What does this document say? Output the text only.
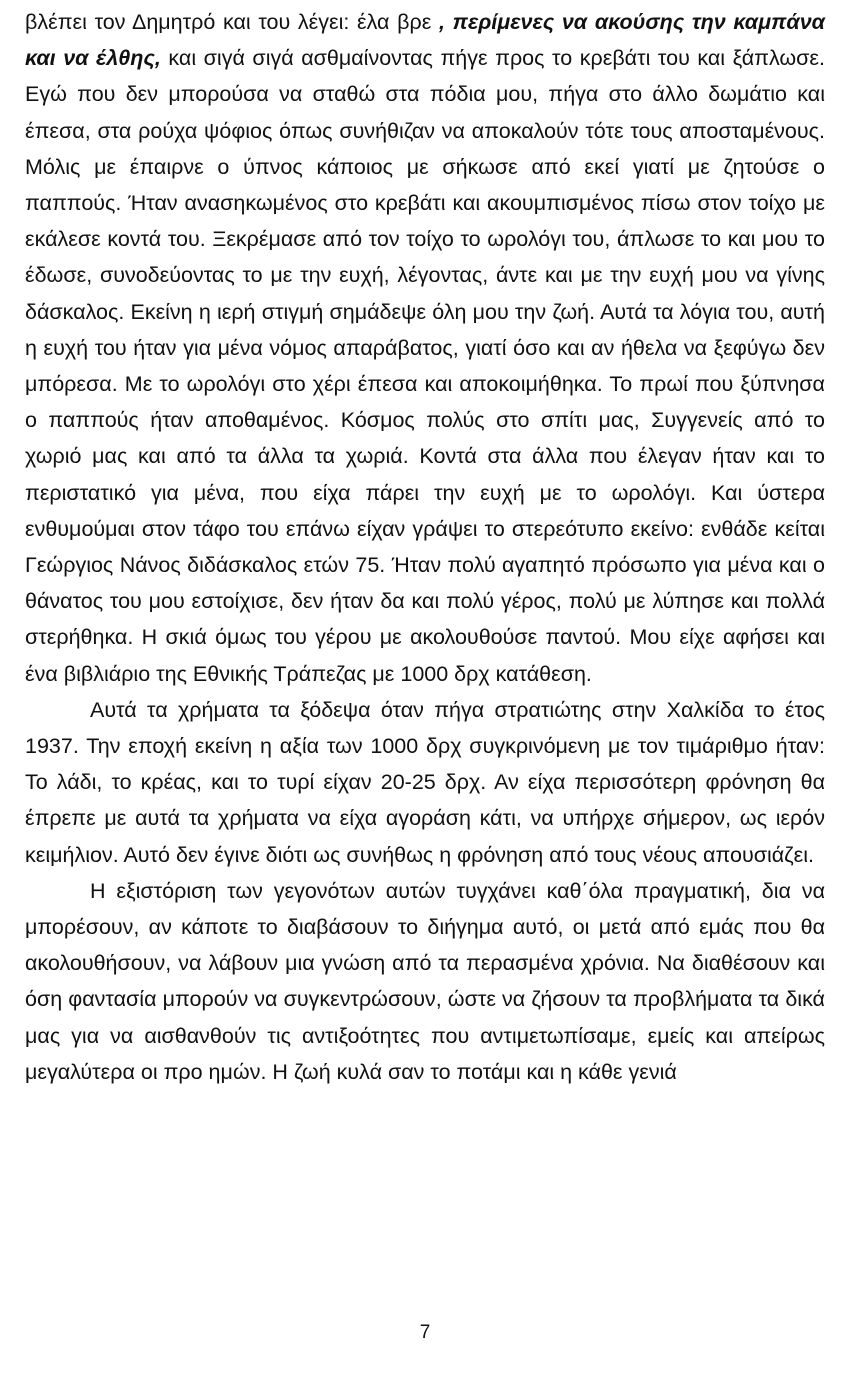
βλέπει τον Δημητρό και του λέγει: έλα βρε , περίμενες να ακούσης την καμπάνα και να έλθης, και σιγά σιγά ασθμαίνοντας πήγε προς το κρεβάτι του και ξάπλωσε. Εγώ που δεν μπορούσα να σταθώ στα πόδια μου, πήγα στο άλλο δωμάτιο και έπεσα, στα ρούχα ψόφιος όπως συνήθιζαν να αποκαλούν τότε τους αποσταμένους. Μόλις με έπαιρνε ο ύπνος κάποιος με σήκωσε από εκεί γιατί με ζητούσε ο παππούς. Ήταν ανασηκωμένος στο κρεβάτι και ακουμπισμένος πίσω στον τοίχο με εκάλεσε κοντά του. Ξεκρέμασε από τον τοίχο το ωρολόγι του, άπλωσε το και μου το έδωσε, συνοδεύοντας το με την ευχή, λέγοντας, άντε και με την ευχή μου να γίνης δάσκαλος. Εκείνη η ιερή στιγμή σημάδεψε όλη μου την ζωή. Αυτά τα λόγια του, αυτή η ευχή του ήταν για μένα νόμος απαράβατος, γιατί όσο και αν ήθελα να ξεφύγω δεν μπόρεσα. Με το ωρολόγι στο χέρι έπεσα και αποκοιμήθηκα. Το πρωί που ξύπνησα ο παππούς ήταν αποθαμένος. Κόσμος πολύς στο σπίτι μας, Συγγενείς από το χωριό μας και από τα άλλα τα χωριά. Κοντά στα άλλα που έλεγαν ήταν και το περιστατικό για μένα, που είχα πάρει την ευχή με το ωρολόγι. Και ύστερα ενθυμούμαι στον τάφο του επάνω είχαν γράψει το στερεότυπο εκείνο: ενθάδε κείται Γεώργιος Νάνος διδάσκαλος ετών 75. Ήταν πολύ αγαπητό πρόσωπο για μένα και ο θάνατος του μου εστοίχισε, δεν ήταν δα και πολύ γέρος, πολύ με λύπησε και πολλά στερήθηκα. Η σκιά όμως του γέρου με ακολουθούσε παντού. Μου είχε αφήσει και ένα βιβλιάριο της Εθνικής Τράπεζας με 1000 δρχ κατάθεση.

Αυτά τα χρήματα τα ξόδεψα όταν πήγα στρατιώτης στην Χαλκίδα το έτος 1937. Την εποχή εκείνη η αξία των 1000 δρχ συγκρινόμενη με τον τιμάριθμο ήταν: Το λάδι, το κρέας, και το τυρί είχαν 20-25 δρχ. Αν είχα περισσότερη φρόνηση θα έπρεπε με αυτά τα χρήματα να είχα αγοράση κάτι, να υπήρχε σήμερον, ως ιερόν κειμήλιον. Αυτό δεν έγινε διότι ως συνήθως η φρόνηση από τους νέους απουσιάζει.

Η εξιστόριση των γεγονότων αυτών τυγχάνει καθ΄όλα πραγματική, δια να μπορέσουν, αν κάποτε το διαβάσουν το διήγημα αυτό, οι μετά από εμάς που θα ακολουθήσουν, να λάβουν μια γνώση από τα περασμένα χρόνια. Να διαθέσουν και όση φαντασία μπορούν να συγκεντρώσουν, ώστε να ζήσουν τα προβλήματα τα δικά μας για να αισθανθούν τις αντιξοότητες που αντιμετωπίσαμε, εμείς και απείρως μεγαλύτερα οι προ ημών. Η ζωή κυλά σαν το ποτάμι και η κάθε γενιά

7
